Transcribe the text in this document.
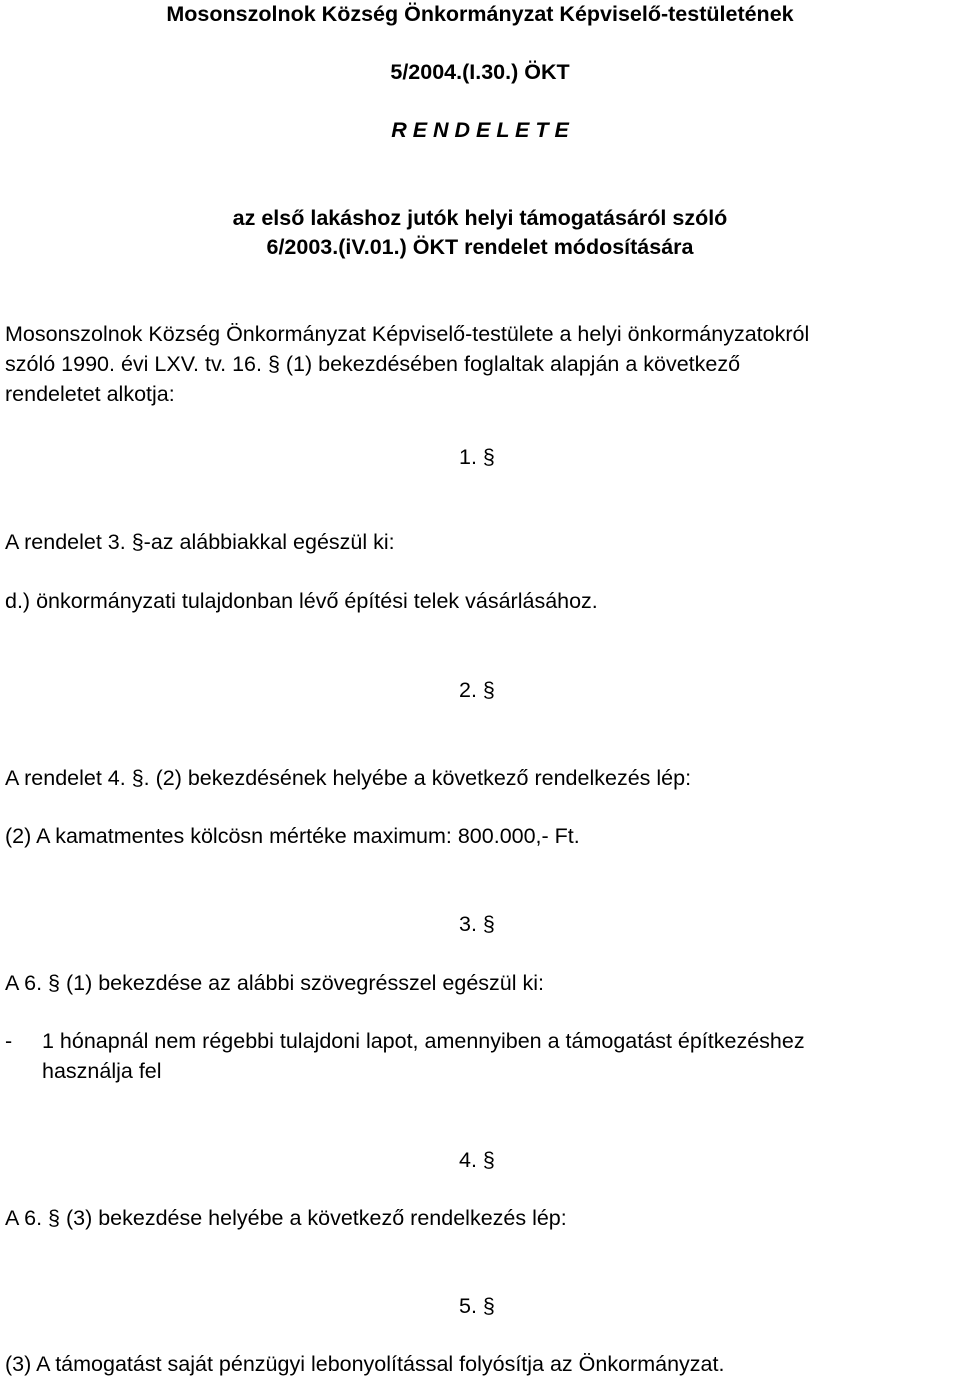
Mosonszolnok Község Önkormányzat Képviselő-testületének
5/2004.(I.30.) ÖKT
R E N D E L E T E
az első lakáshoz jutók helyi támogatásáról szóló
6/2003.(iV.01.) ÖKT rendelet módosítására
Mosonszolnok Község Önkormányzat Képviselő-testülete a helyi önkormányzatokról
szóló 1990. évi LXV. tv. 16. § (1) bekezdésében foglaltak alapján a következő
rendeletet alkotja:
1. §
A rendelet 3. §-az alábbiakkal egészül ki:
d.) önkormányzati tulajdonban lévő építési telek vásárlásához.
2. §
A rendelet 4. §. (2) bekezdésének helyébe a következő rendelkezés lép:
(2) A kamatmentes kölcösn mértéke maximum: 800.000,- Ft.
3. §
A 6. § (1) bekezdése az alábbi szövegrésszel egészül ki:
- 1 hónapnál nem régebbi tulajdoni lapot, amennyiben a támogatást építkezéshez
használja fel
4. §
A 6. § (3) bekezdése helyébe a következő rendelkezés lép:
5. §
(3) A támogatást saját pénzügyi lebonyolítással folyósítja az Önkormányzat.
